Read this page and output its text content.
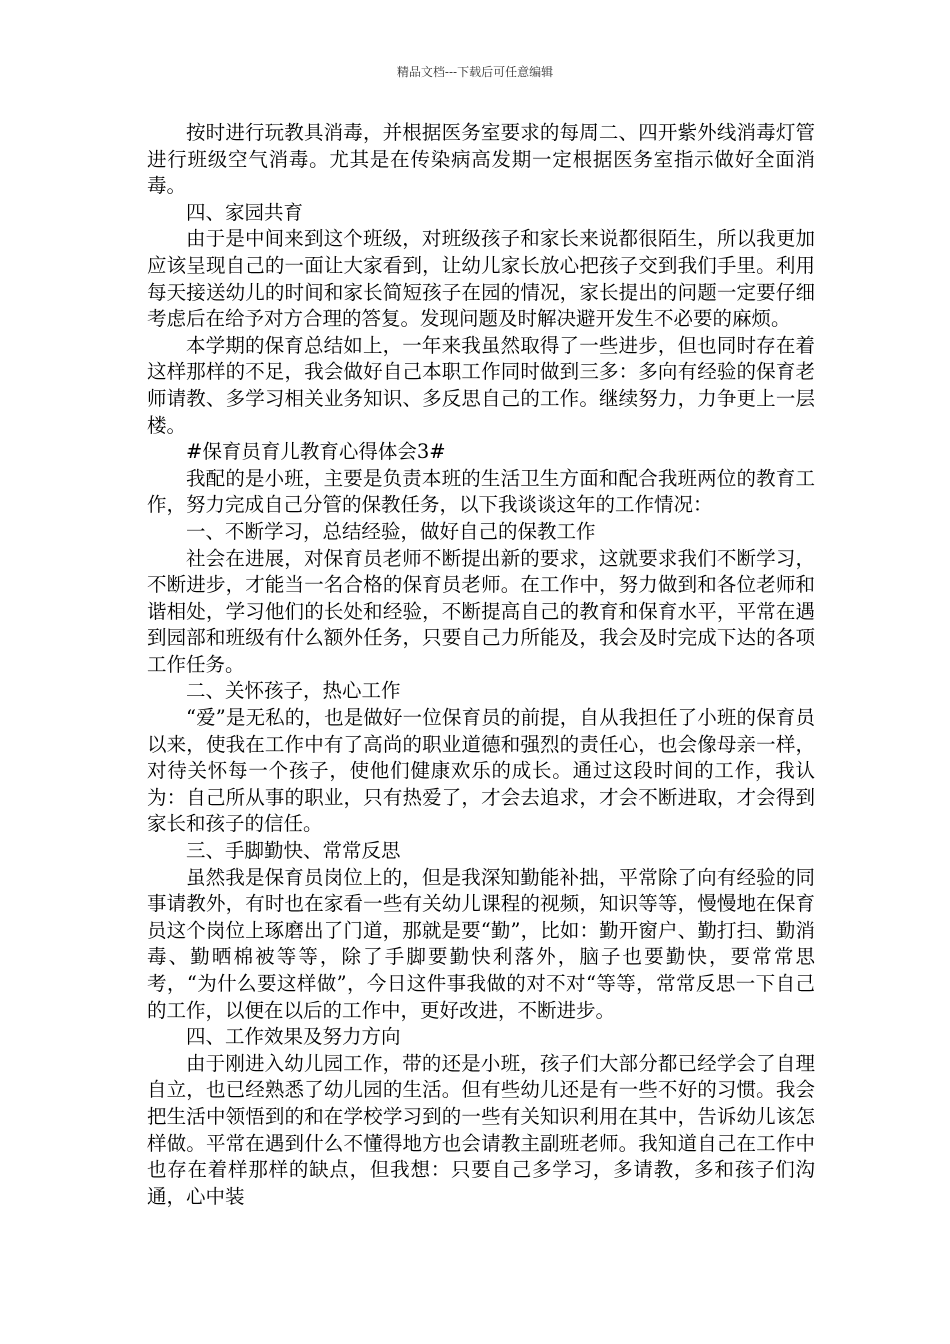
精品文档---下载后可任意编辑

按时进行玩教具消毒，并根据医务室要求的每周二、四开紫外线消毒灯管进行班级空气消毒。尤其是在传染病高发期一定根据医务室指示做好全面消毒。

四、家园共育

由于是中间来到这个班级，对班级孩子和家长来说都很陌生，所以我更加应该呈现自己的一面让大家看到，让幼儿家长放心把孩子交到我们手里。利用每天接送幼儿的时间和家长简短孩子在园的情况，家长提出的问题一定要仔细考虑后在给予对方合理的答复。发现问题及时解决避开发生不必要的麻烦。

本学期的保育总结如上，一年来我虽然取得了一些进步，但也同时存在着这样那样的不足，我会做好自己本职工作同时做到三多：多向有经验的保育老师请教、多学习相关业务知识、多反思自己的工作。继续努力，力争更上一层楼。

#保育员育儿教育心得体会3#

我配的是小班，主要是负责本班的生活卫生方面和配合我班两位的教育工作，努力完成自己分管的保教任务，以下我谈谈这年的工作情况：

一、不断学习，总结经验，做好自己的保教工作

社会在进展，对保育员老师不断提出新的要求，这就要求我们不断学习，不断进步，才能当一名合格的保育员老师。在工作中，努力做到和各位老师和谐相处，学习他们的长处和经验，不断提高自己的教育和保育水平，平常在遇到园部和班级有什么额外任务，只要自己力所能及，我会及时完成下达的各项工作任务。

二、关怀孩子，热心工作

“爱”是无私的，也是做好一位保育员的前提，自从我担任了小班的保育员以来，使我在工作中有了高尚的职业道德和强烈的责任心，也会像母亲一样，对待关怀每一个孩子，使他们健康欢乐的成长。通过这段时间的工作，我认为：自己所从事的职业，只有热爱了，才会去追求，才会不断进取，才会得到家长和孩子的信任。

三、手脚勤快、常常反思

虽然我是保育员岗位上的，但是我深知勤能补拙，平常除了向有经验的同事请教外，有时也在家看一些有关幼儿课程的视频，知识等等，慢慢地在保育员这个岗位上琢磨出了门道，那就是要“勤”，比如：勤开窗户、勤打扫、勤消毒、勤晒棉被等等，除了手脚要勤快利落外，脑子也要勤快，要常常思考，“为什么要这样做”，今日这件事我做的对不对“等等，常常反思一下自己的工作，以便在以后的工作中，更好改进，不断进步。

四、工作效果及努力方向

由于刚进入幼儿园工作，带的还是小班，孩子们大部分都已经学会了自理自立，也已经熟悉了幼儿园的生活。但有些幼儿还是有一些不好的习惯。我会把生活中领悟到的和在学校学习到的一些有关知识利用在其中，告诉幼儿该怎样做。平常在遇到什么不懂得地方也会请教主副班老师。我知道自己在工作中也存在着样那样的缺点，但我想：只要自己多学习，多请教，多和孩子们沟通，心中装
